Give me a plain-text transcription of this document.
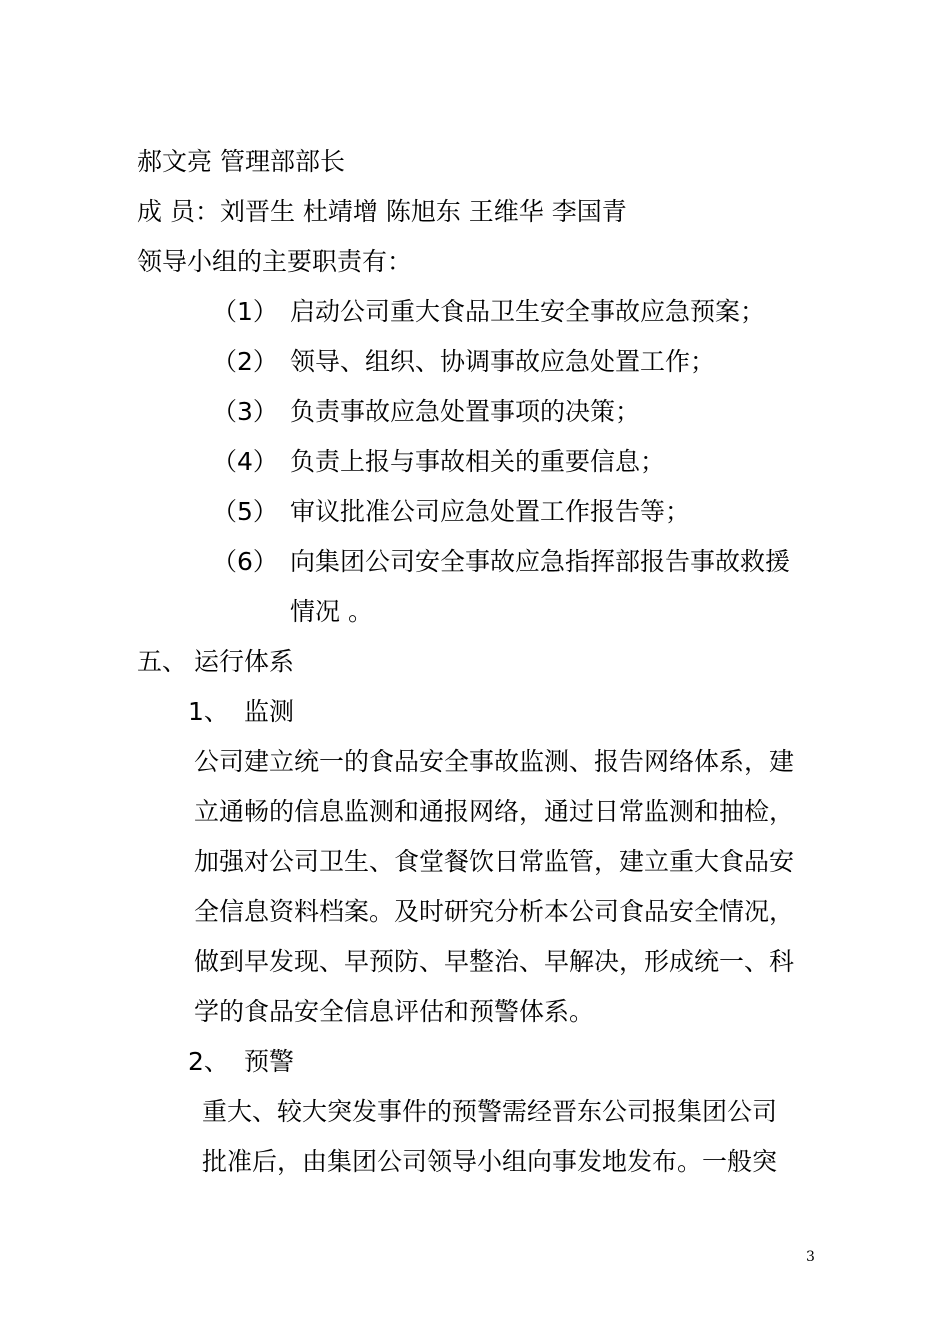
郝文亮 管理部部长
成 员：刘晋生 杜靖增 陈旭东 王维华 李国青
领导小组的主要职责有：
（1） 启动公司重大食品卫生安全事故应急预案；
（2） 领导、组织、协调事故应急处置工作；
（3） 负责事故应急处置事项的决策；
（4） 负责上报与事故相关的重要信息；
（5） 审议批准公司应急处置工作报告等；
（6） 向集团公司安全事故应急指挥部报告事故救援
情况 。
五、 运行体系
1、 监测
公司建立统一的食品安全事故监测、报告网络体系，建
立通畅的信息监测和通报网络，通过日常监测和抽检，
加强对公司卫生、食堂餐饮日常监管，建立重大食品安
全信息资料档案。及时研究分析本公司食品安全情况，
做到早发现、早预防、早整治、早解决，形成统一、科
学的食品安全信息评估和预警体系。
2、 预警
重大、较大突发事件的预警需经晋东公司报集团公司
批准后，由集团公司领导小组向事发地发布。一般突
3
